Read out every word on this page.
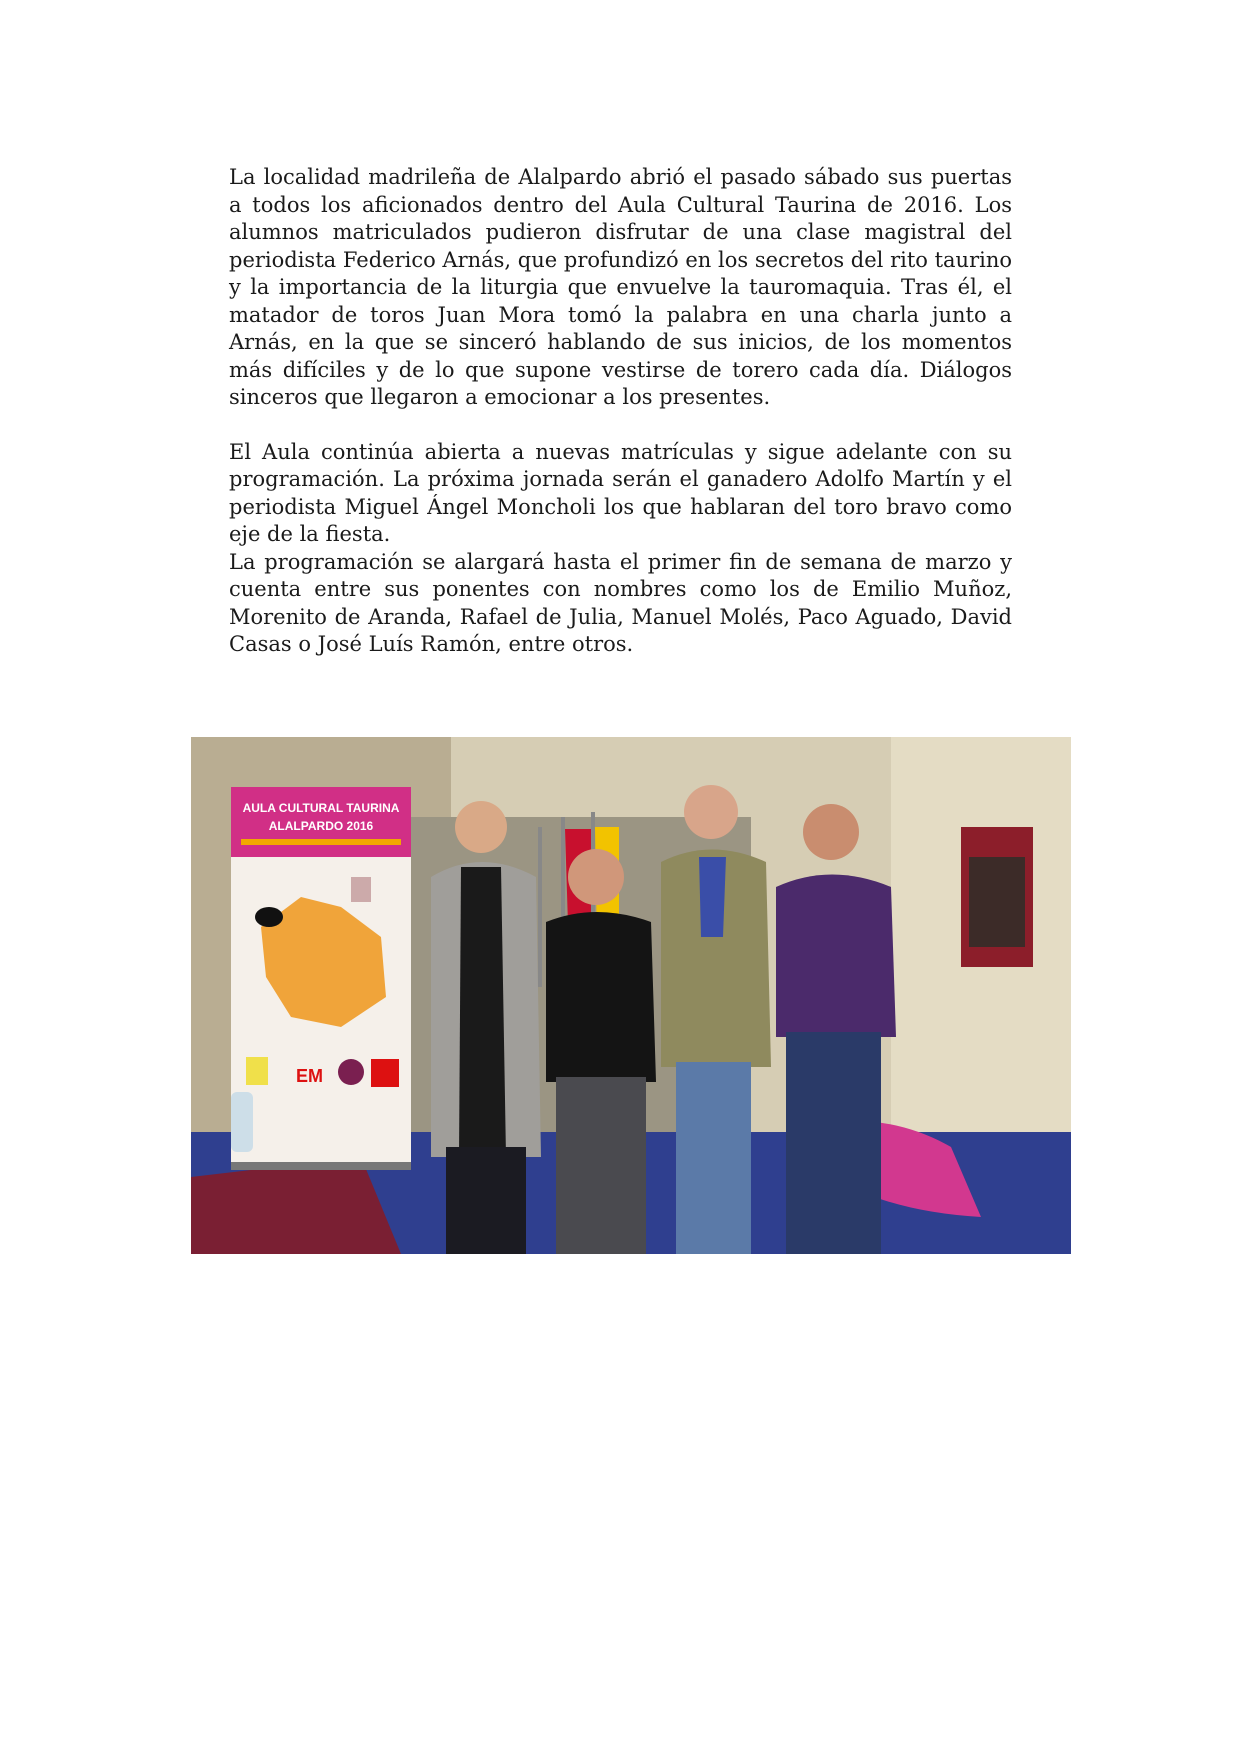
La localidad madrileña de Alalpardo abrió el pasado sábado sus puertas a todos los aficionados dentro del Aula Cultural Taurina de 2016. Los alumnos matriculados pudieron disfrutar de una clase magistral del periodista Federico Arnás, que profundizó en los secretos del rito taurino y la importancia de la liturgia que envuelve la tauromaquia. Tras él, el matador de toros Juan Mora tomó la palabra en una charla junto a Arnás, en la que se sinceró hablando de sus inicios, de los momentos más difíciles y de lo que supone vestirse de torero cada día. Diálogos sinceros que llegaron a emocionar a los presentes.

El Aula continúa abierta a nuevas matrículas y sigue adelante con su programación. La próxima jornada serán el ganadero Adolfo Martín y el periodista Miguel Ángel Moncholi los que hablaran del toro bravo como eje de la fiesta.
La programación se alargará hasta el primer fin de semana de marzo y cuenta entre sus ponentes con nombres como los de Emilio Muñoz, Morenito de Aranda, Rafael de Julia, Manuel Molés, Paco Aguado, David Casas o José Luís Ramón, entre otros.

AULA CULTURAL TAURINA
ALALPARDO 2016
EM
